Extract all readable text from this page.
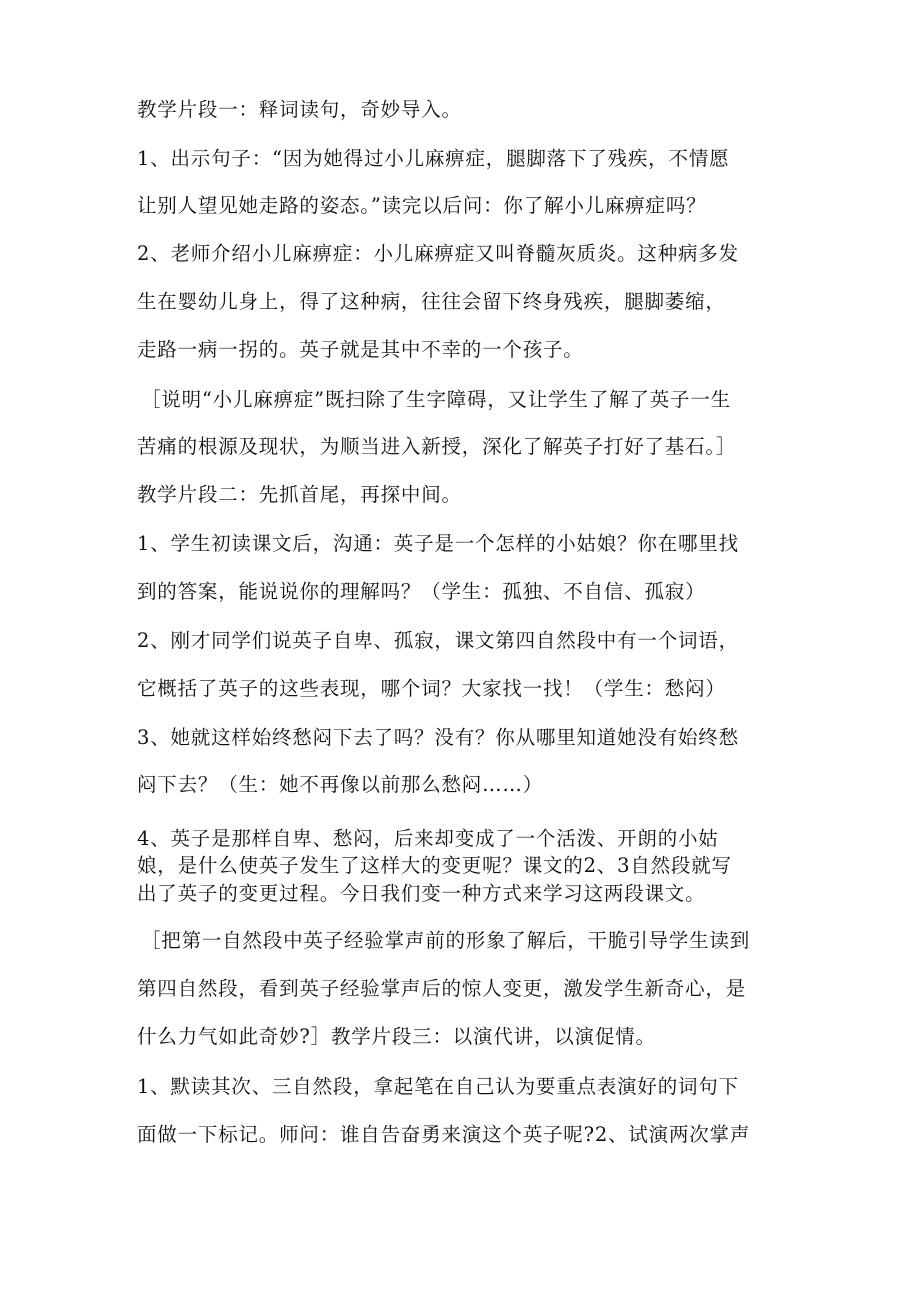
教学片段一：释词读句，奇妙导入。
1、出示句子：“因为她得过小儿麻痹症，腿脚落下了残疾，不情愿
让别人望见她走路的姿态。”读完以后问：你了解小儿麻痹症吗？
2、老师介绍小儿麻痹症：小儿麻痹症又叫脊髓灰质炎。这种病多发
生在婴幼儿身上，得了这种病，往往会留下终身残疾，腿脚萎缩，
走路一病一拐的。英子就是其中不幸的一个孩子。
［说明“小儿麻痹症”既扫除了生字障碍，又让学生了解了英子一生
苦痛的根源及现状，为顺当进入新授，深化了解英子打好了基石。］
教学片段二：先抓首尾，再探中间。
1、学生初读课文后，沟通：英子是一个怎样的小姑娘？你在哪里找
到的答案，能说说你的理解吗？（学生：孤独、不自信、孤寂）
2、刚才同学们说英子自卑、孤寂，课文第四自然段中有一个词语，
它概括了英子的这些表现，哪个词？大家找一找！（学生：愁闷）
3、她就这样始终愁闷下去了吗？没有？你从哪里知道她没有始终愁
闷下去？（生：她不再像以前那么愁闷……）
4、英子是那样自卑、愁闷，后来却变成了一个活泼、开朗的小姑
娘，是什么使英子发生了这样大的变更呢？课文的2、3自然段就写
出了英子的变更过程。今日我们变一种方式来学习这两段课文。
［把第一自然段中英子经验掌声前的形象了解后，干脆引导学生读到
第四自然段，看到英子经验掌声后的惊人变更，激发学生新奇心，是
什么力气如此奇妙?］教学片段三：以演代讲，以演促情。
1、默读其次、三自然段，拿起笔在自己认为要重点表演好的词句下
面做一下标记。师问：谁自告奋勇来演这个英子呢?2、试演两次掌声
